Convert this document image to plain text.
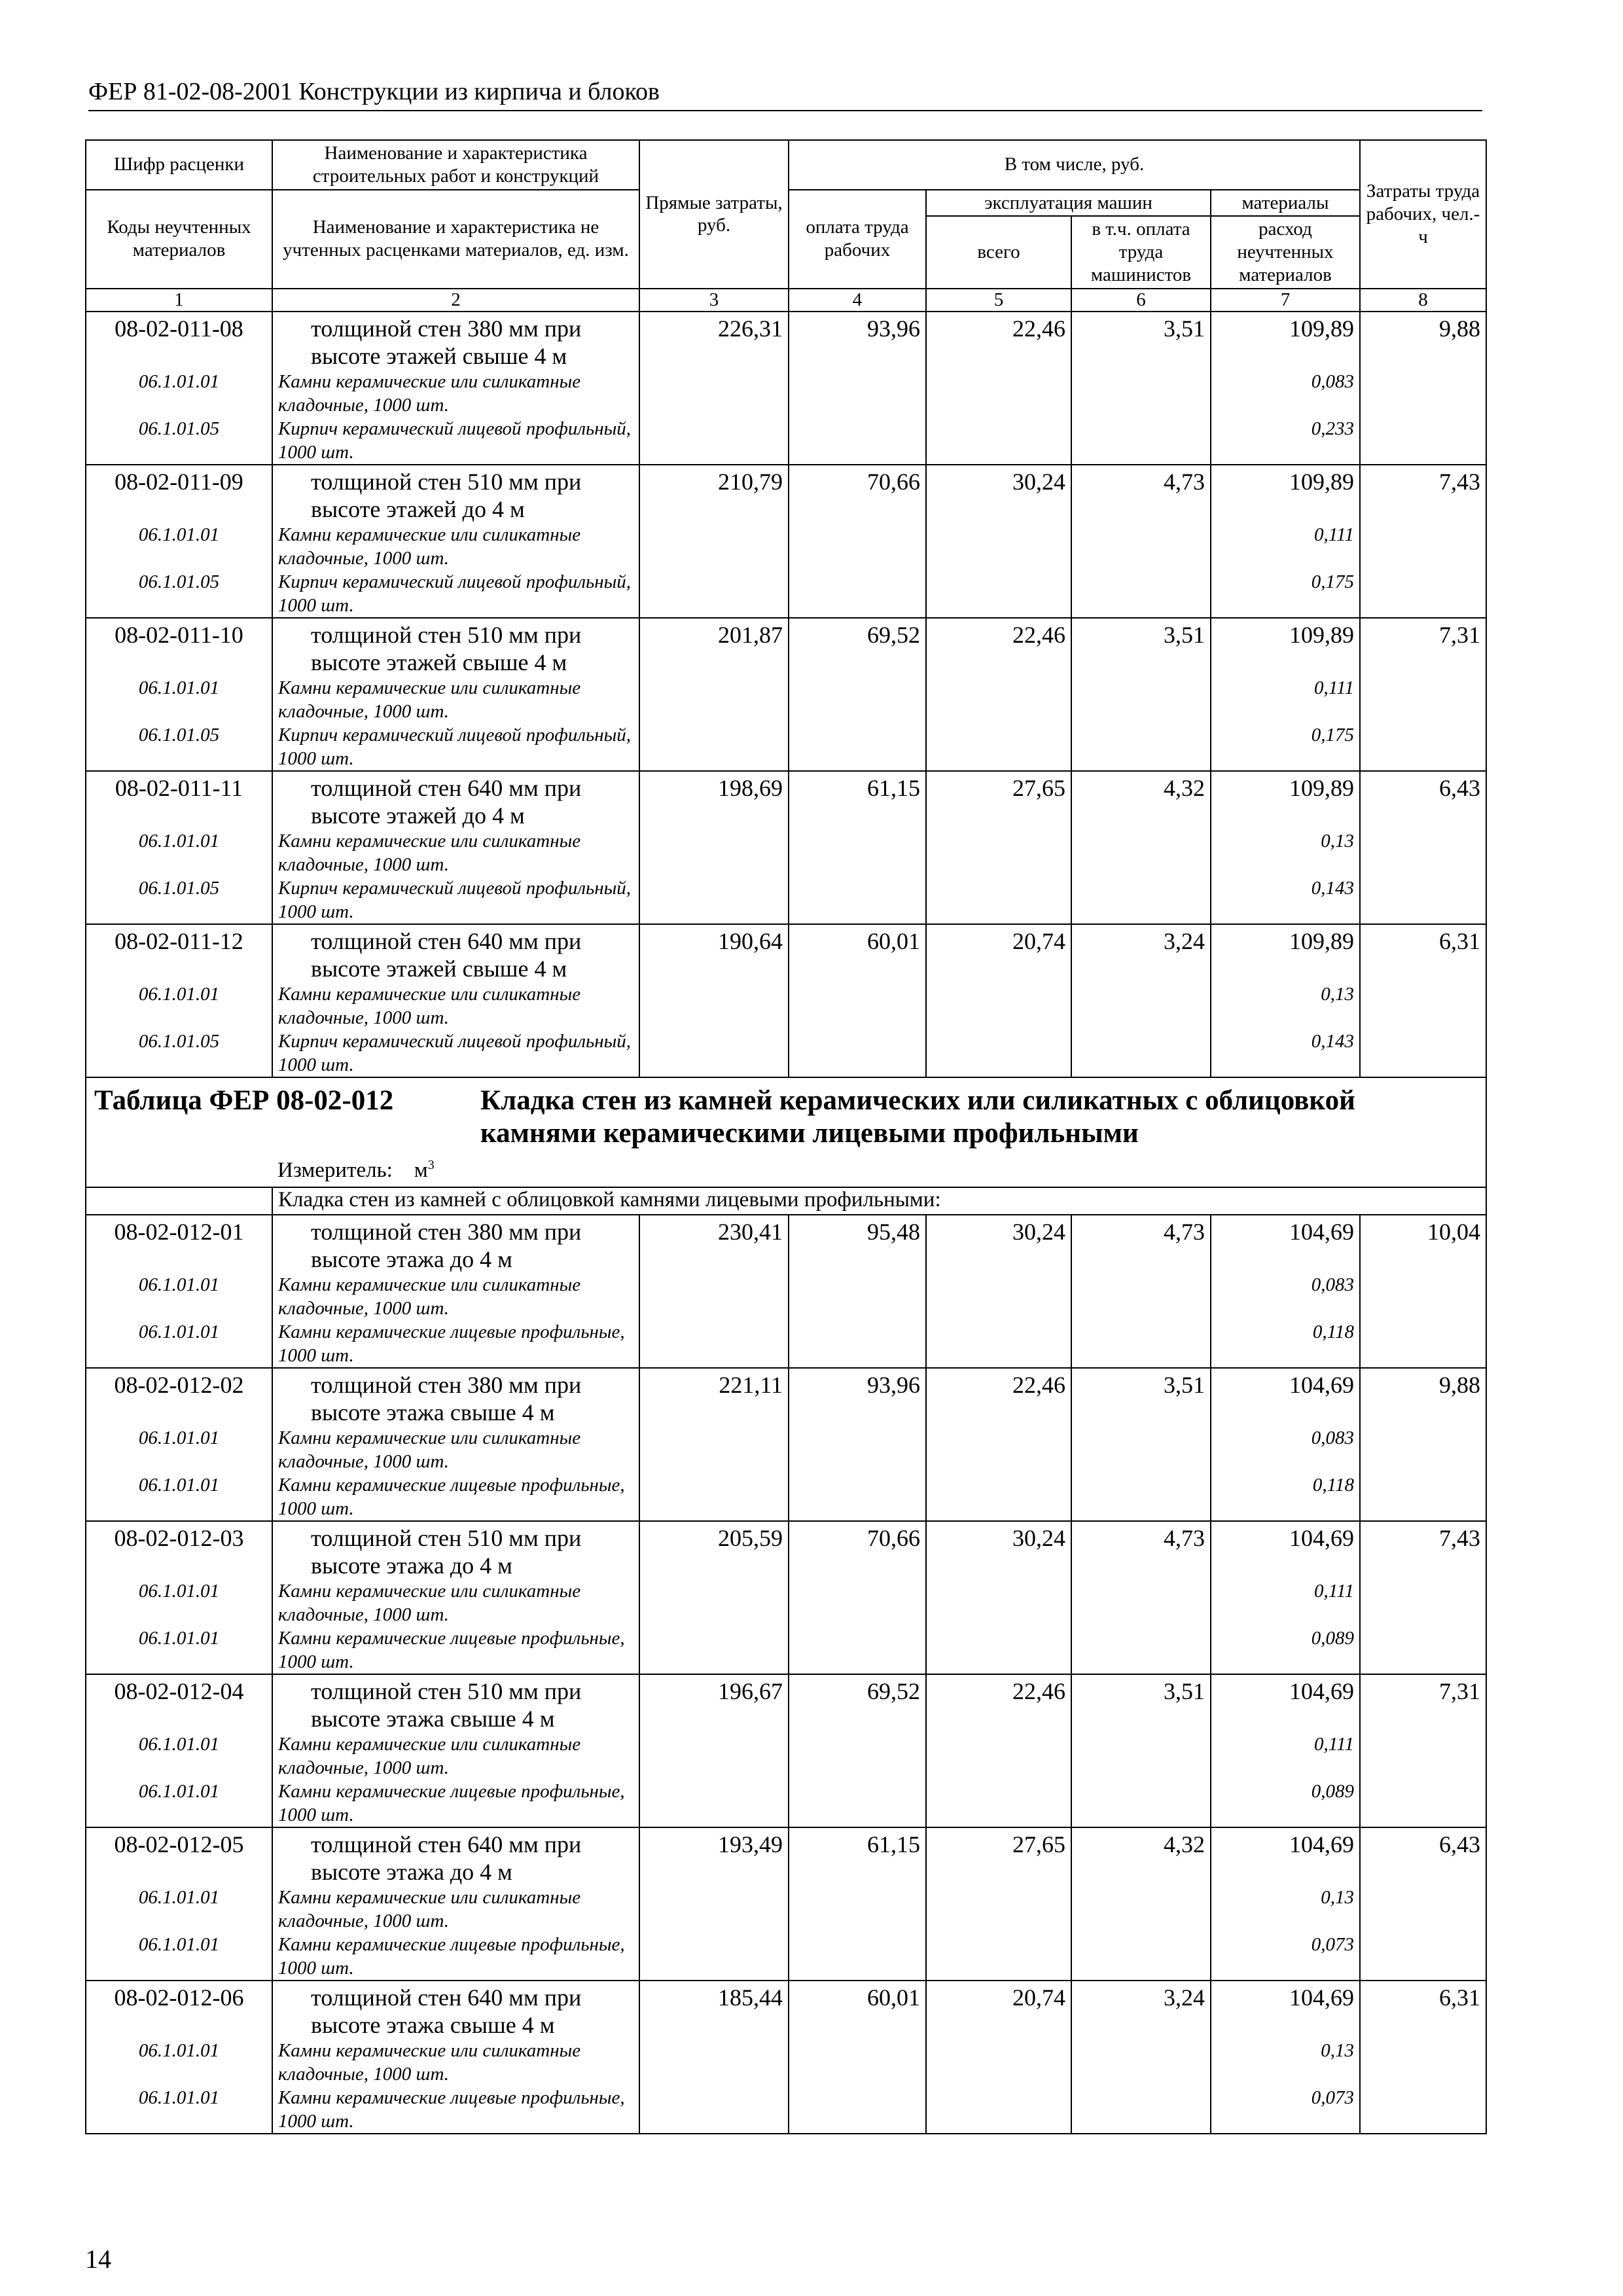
ФЕР 81-02-08-2001 Конструкции из кирпича и блоков
Шифр расценки	Наименование и характеристика строительных работ и конструкций	Прямые затраты, руб.	В том числе, руб.				Затраты труда рабочих, чел.-ч
Коды неучтенных материалов	Наименование и характеристика не учтенных расценками материалов, ед. изм.		оплата труда рабочих	эксплуатация машин		материалы	
				всего	в т.ч. оплата труда машинистов	расход неучтенных материалов	
1	2	3	4	5	6	7	8
08-02-011-08	толщиной стен 380 мм при высоте этажей свыше 4 м	226,31	93,96	22,46	3,51	109,89	9,88
06.1.01.01	Камни керамические или силикатные кладочные, 1000 шт.					0,083	
06.1.01.05	Кирпич керамический лицевой профильный, 1000 шт.					0,233	
08-02-011-09	толщиной стен 510 мм при высоте этажей до 4 м	210,79	70,66	30,24	4,73	109,89	7,43
06.1.01.01	Камни керамические или силикатные кладочные, 1000 шт.					0,111	
06.1.01.05	Кирпич керамический лицевой профильный, 1000 шт.					0,175	
08-02-011-10	толщиной стен 510 мм при высоте этажей свыше 4 м	201,87	69,52	22,46	3,51	109,89	7,31
06.1.01.01	Камни керамические или силикатные кладочные, 1000 шт.					0,111	
06.1.01.05	Кирпич керамический лицевой профильный, 1000 шт.					0,175	
08-02-011-11	толщиной стен 640 мм при высоте этажей до 4 м	198,69	61,15	27,65	4,32	109,89	6,43
06.1.01.01	Камни керамические или силикатные кладочные, 1000 шт.					0,13	
06.1.01.05	Кирпич керамический лицевой профильный, 1000 шт.					0,143	
08-02-011-12	толщиной стен 640 мм при высоте этажей свыше 4 м	190,64	60,01	20,74	3,24	109,89	6,31
06.1.01.01	Камни керамические или силикатные кладочные, 1000 шт.					0,13	
06.1.01.05	Кирпич керамический лицевой профильный, 1000 шт.					0,143	

Таблица ФЕР 08-02-012 Кладка стен из камней керамических или силикатных с облицовкой камнями керамическими лицевыми профильными							

	Измеритель: $м^3$
	Кладка стен из камней с облицовкой камнями лицевыми профильными:						
08-02-012-01	толщиной стен 380 мм при высоте этажа до 4 м	230,41	95,48	30,24	4,73	104,69	10,04
06.1.01.01	Камни керамические или силикатные кладочные, 1000 шт.					0,083	
06.1.01.01	Камни керамические лицевые профильные, 1000 шт.					0,118	
08-02-012-02	толщиной стен 380 мм при высоте этажа свыше 4 м	221,11	93,96	22,46	3,51	104,69	9,88
06.1.01.01	Камни керамические или силикатные кладочные, 1000 шт.					0,083	
06.1.01.01	Камни керамические лицевые профильные, 1000 шт.					0,118	
08-02-012-03	толщиной стен 510 мм при высоте этажа до 4 м	205,59	70,66	30,24	4,73	104,69	7,43
06.1.01.01	Камни керамические или силикатные кладочные, 1000 шт.					0,111	
06.1.01.01	Камни керамические лицевые профильные, 1000 шт.					0,089	
08-02-012-04	толщиной стен 510 мм при высоте этажа свыше 4 м	196,67	69,52	22,46	3,51	104,69	7,31
06.1.01.01	Камни керамические или силикатные кладочные, 1000 шт.					0,111	
06.1.01.01	Камни керамические лицевые профильные, 1000 шт.					0,089	
08-02-012-05	толщиной стен 640 мм при высоте этажа до 4 м	193,49	61,15	27,65	4,32	104,69	6,43
06.1.01.01	Камни керамические или силикатные кладочные, 1000 шт.					0,13	
06.1.01.01	Камни керамические лицевые профильные, 1000 шт.					0,073	
08-02-012-06	толщиной стен 640 мм при высоте этажа свыше 4 м	185,44	60,01	20,74	3,24	104,69	6,31
06.1.01.01	Камни керамические или силикатные кладочные, 1000 шт.					0,13	
06.1.01.01	Камни керамические лицевые профильные, 1000 шт.					0,073	
14
